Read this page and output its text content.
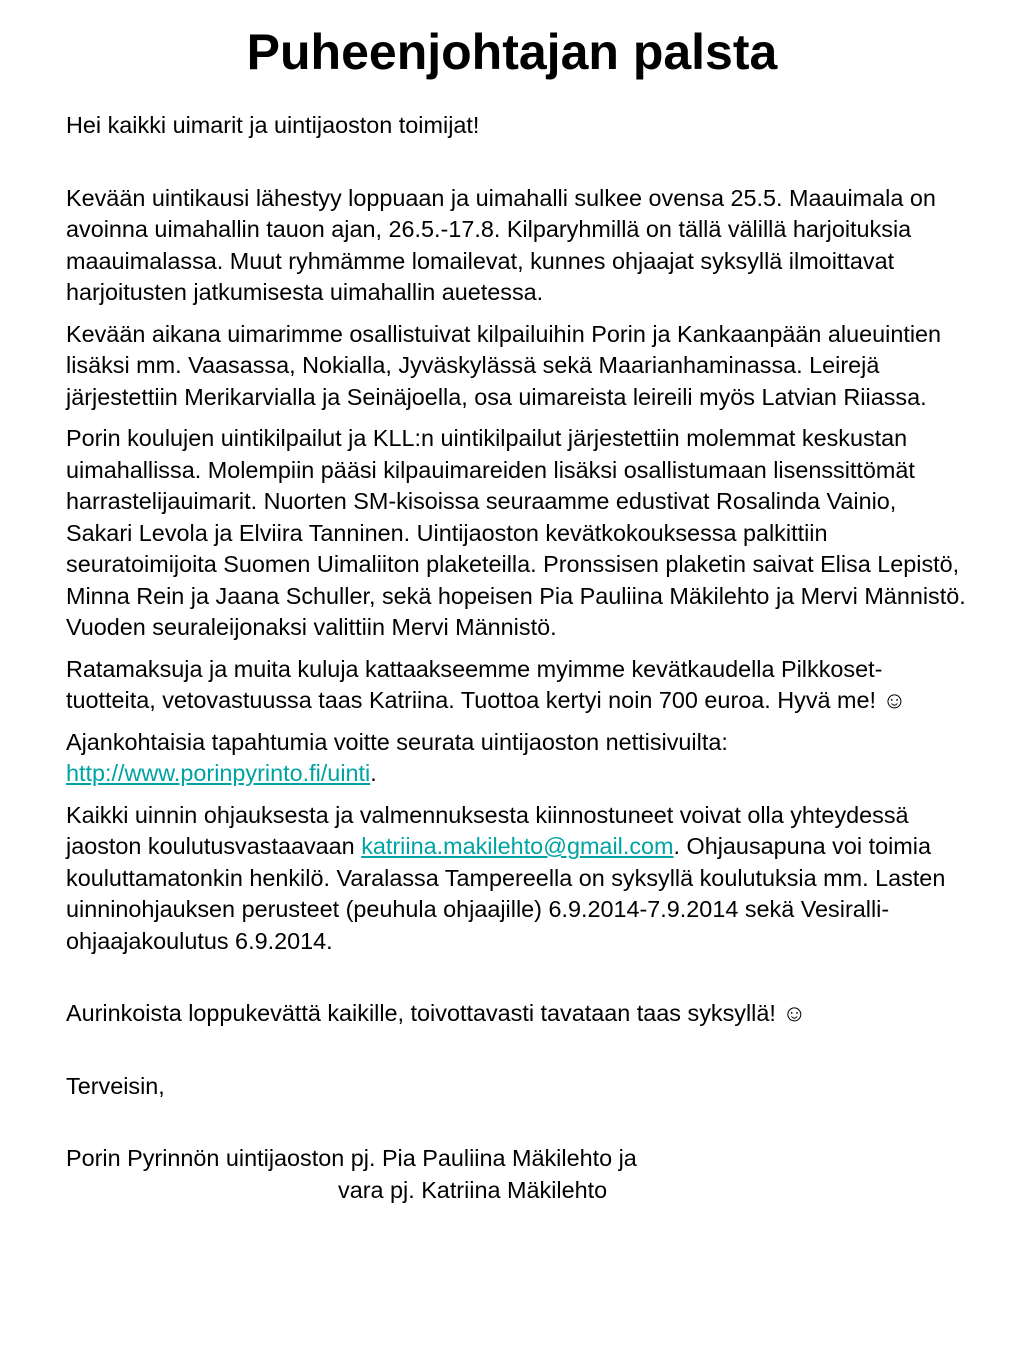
Puheenjohtajan palsta

Hei kaikki uimarit ja uintijaoston toimijat!

Kevään uintikausi lähestyy loppuaan ja uimahalli sulkee ovensa 25.5. Maauimala on avoinna uimahallin tauon ajan, 26.5.-17.8. Kilparyhmillä on tällä välillä harjoituksia maauimalassa. Muut ryhmämme lomailevat, kunnes ohjaajat syksyllä ilmoittavat harjoitusten jatkumisesta uimahallin auetessa.

Kevään aikana uimarimme osallistuivat kilpailuihin Porin ja Kankaanpään alueuintien lisäksi mm. Vaasassa, Nokialla, Jyväskylässä sekä Maarianhaminassa. Leirejä järjestettiin Merikarvialla ja Seinäjoella, osa uimareista leireili myös Latvian Riiassa.

Porin koulujen uintikilpailut ja KLL:n uintikilpailut järjestettiin molemmat keskustan uimahallissa. Molempiin pääsi kilpauimareiden lisäksi osallistumaan lisenssittömät harrastelijauimarit. Nuorten SM-kisoissa seuraamme edustivat Rosalinda Vainio, Sakari Levola ja Elviira Tanninen. Uintijaoston kevätkokouksessa palkittiin seuratoimijoita Suomen Uimaliiton plaketeilla. Pronssisen plaketin saivat Elisa Lepistö, Minna Rein ja Jaana Schuller, sekä hopeisen Pia Pauliina Mäkilehto ja Mervi Männistö. Vuoden seuraleijonaksi valittiin Mervi Männistö.

Ratamaksuja ja muita kuluja kattaakseemme myimme kevätkaudella Pilkkoset-tuotteita, vetovastuussa taas Katriina. Tuottoa kertyi noin 700 euroa. Hyvä me! ☺

Ajankohtaisia tapahtumia voitte seurata uintijaoston nettisivuilta: http://www.porinpyrinto.fi/uinti.

Kaikki uinnin ohjauksesta ja valmennuksesta kiinnostuneet voivat olla yhteydessä jaoston koulutusvastaavaan katriina.makilehto@gmail.com. Ohjausapuna voi toimia kouluttamatonkin henkilö. Varalassa Tampereella on syksyllä koulutuksia mm. Lasten uinninohjauksen perusteet (peuhula ohjaajille) 6.9.2014-7.9.2014 sekä Vesiralli-ohjaajakoulutus 6.9.2014.

Aurinkoista loppukevättä kaikille, toivottavasti tavataan taas syksyllä! ☺

Terveisin,

Porin Pyrinnön uintijaoston pj. Pia Pauliina Mäkilehto ja

vara pj. Katriina Mäkilehto
